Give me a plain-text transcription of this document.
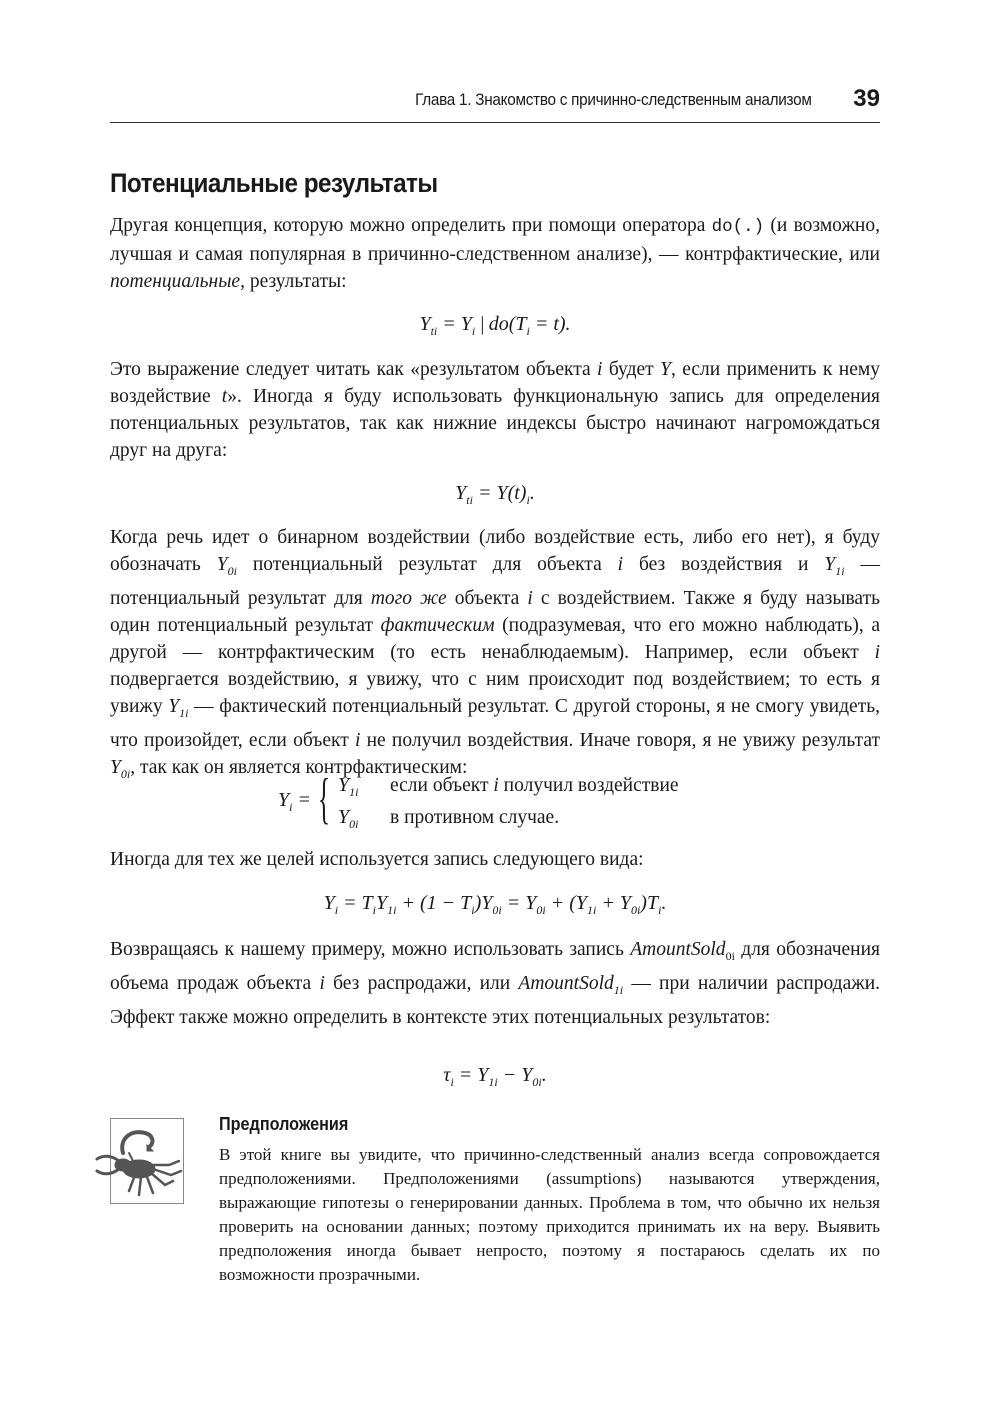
Глава 1. Знакомство с причинно-следственным анализом 39
Потенциальные результаты

Другая концепция, которую можно определить при помощи оператора do(.) (и возможно, лучшая и самая популярная в причинно-следственном анализе), — контрфактические, или потенциальные, результаты:

$Y_{ti} = Y_i$ | $do(T_i = t)$.

Это выражение следует читать как «результатом объекта i будет Y, если применить к нему воздействие t». Иногда я буду использовать функциональную запись для определения потенциальных результатов, так как нижние индексы быстро начинают нагромождаться друг на друга:

$Y_{ti} = Y(t)_i$.

Когда речь идет о бинарном воздействии (либо воздействие есть, либо его нет), я буду обозначать $Y_{0i}$ потенциальный результат для объекта i без воздействия и $Y_{1i}$ — потенциальный результат для того же объекта i с воздействием. Также я буду называть один потенциальный результат фактическим (подразумевая, что его можно наблюдать), а другой — контрфактическим (то есть ненаблюдаемым). Например, если объект i подвергается воздействию, я увижу, что с ним происходит под воздействием; то есть я увижу $Y_{1i}$ — фактический потенциальный результат. С другой стороны, я не смогу увидеть, что произойдет, если объект i не получил воздействия. Иначе говоря, я не увижу результат $Y_{0i}$, так как он является контрфактическим:

$Y_i$ = { $Y_{1i}$ если объект i получил воздействие
$Y_{0i}$ в противном случае.

Иногда для тех же целей используется запись следующего вида:

$Y_i = T_iY_{1i} + (1 - T_i)Y_{0i} = Y_{0i} + (Y_{1i} + Y_{0i})T_i$.

Возвращаясь к нашему примеру, можно использовать запись AmountSold$_{0i}$ для обозначения объема продаж объекта i без распродажи, или AmountSold$_{1i}$ — при наличии распродажи. Эффект также можно определить в контексте этих потенциальных результатов:

$\tau_i = Y_{1i} - Y_{0i}$.
Предположения

В этой книге вы увидите, что причинно-следственный анализ всегда сопровождается предположениями. Предположениями (assumptions) называются утверждения, выражающие гипотезы о генерировании данных. Проблема в том, что обычно их нельзя проверить на основании данных; поэтому приходится принимать их на веру. Выявить предположения иногда бывает непросто, поэтому я постараюсь сделать их по возможности прозрачными.
